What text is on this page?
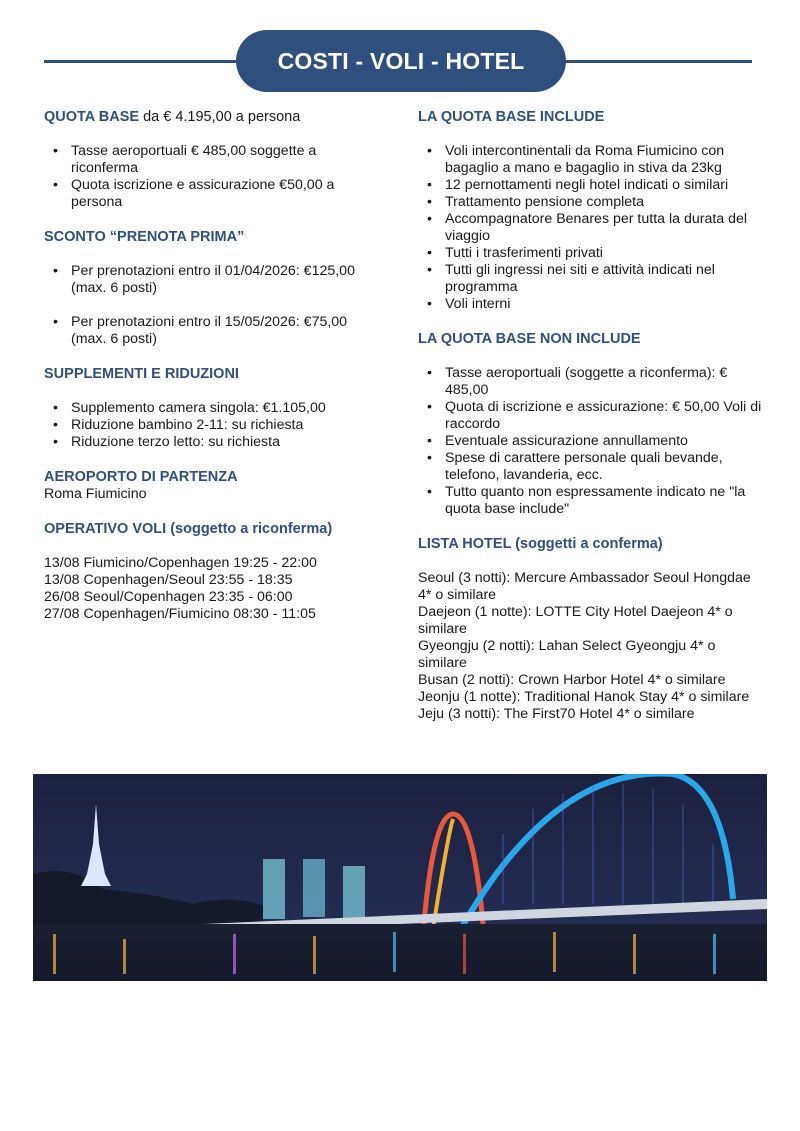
COSTI - VOLI - HOTEL
QUOTA BASE da € 4.195,00 a persona
• Tasse aeroportuali € 485,00 soggette a riconferma
• Quota iscrizione e assicurazione €50,00 a persona
SCONTO “PRENOTA PRIMA”
• Per prenotazioni entro il 01/04/2026: €125,00 (max. 6 posti)
• Per prenotazioni entro il 15/05/2026: €75,00 (max. 6 posti)
SUPPLEMENTI E RIDUZIONI
• Supplemento camera singola: €1.105,00
• Riduzione bambino 2-11: su richiesta
• Riduzione terzo letto: su richiesta
AEROPORTO DI PARTENZA
Roma Fiumicino
OPERATIVO VOLI (soggetto a riconferma)
13/08 Fiumicino/Copenhagen 19:25 - 22:00
13/08 Copenhagen/Seoul 23:55 - 18:35
26/08 Seoul/Copenhagen 23:35 - 06:00
27/08 Copenhagen/Fiumicino 08:30 - 11:05
LA QUOTA BASE INCLUDE
• Voli intercontinentali da Roma Fiumicino con bagaglio a mano e bagaglio in stiva da 23kg
• 12 pernottamenti negli hotel indicati o similari
• Trattamento pensione completa
• Accompagnatore Benares per tutta la durata del viaggio
• Tutti i trasferimenti privati
• Tutti gli ingressi nei siti e attività indicati nel programma
• Voli interni
LA QUOTA BASE NON INCLUDE
• Tasse aeroportuali (soggette a riconferma): € 485,00
• Quota di iscrizione e assicurazione: € 50,00 Voli di raccordo
• Eventuale assicurazione annullamento
• Spese di carattere personale quali bevande, telefono, lavanderia, ecc.
• Tutto quanto non espressamente indicato ne "la quota base include"
LISTA HOTEL (soggetti a conferma)
Seoul (3 notti): Mercure Ambassador Seoul Hongdae 4* o similare
Daejeon (1 notte): LOTTE City Hotel Daejeon 4* o similare
Gyeongju (2 notti): Lahan Select Gyeongju 4* o similare
Busan (2 notti): Crown Harbor Hotel 4* o similare
Jeonju (1 notte): Traditional Hanok Stay 4* o similare
Jeju (3 notti): The First70 Hotel 4* o similare
